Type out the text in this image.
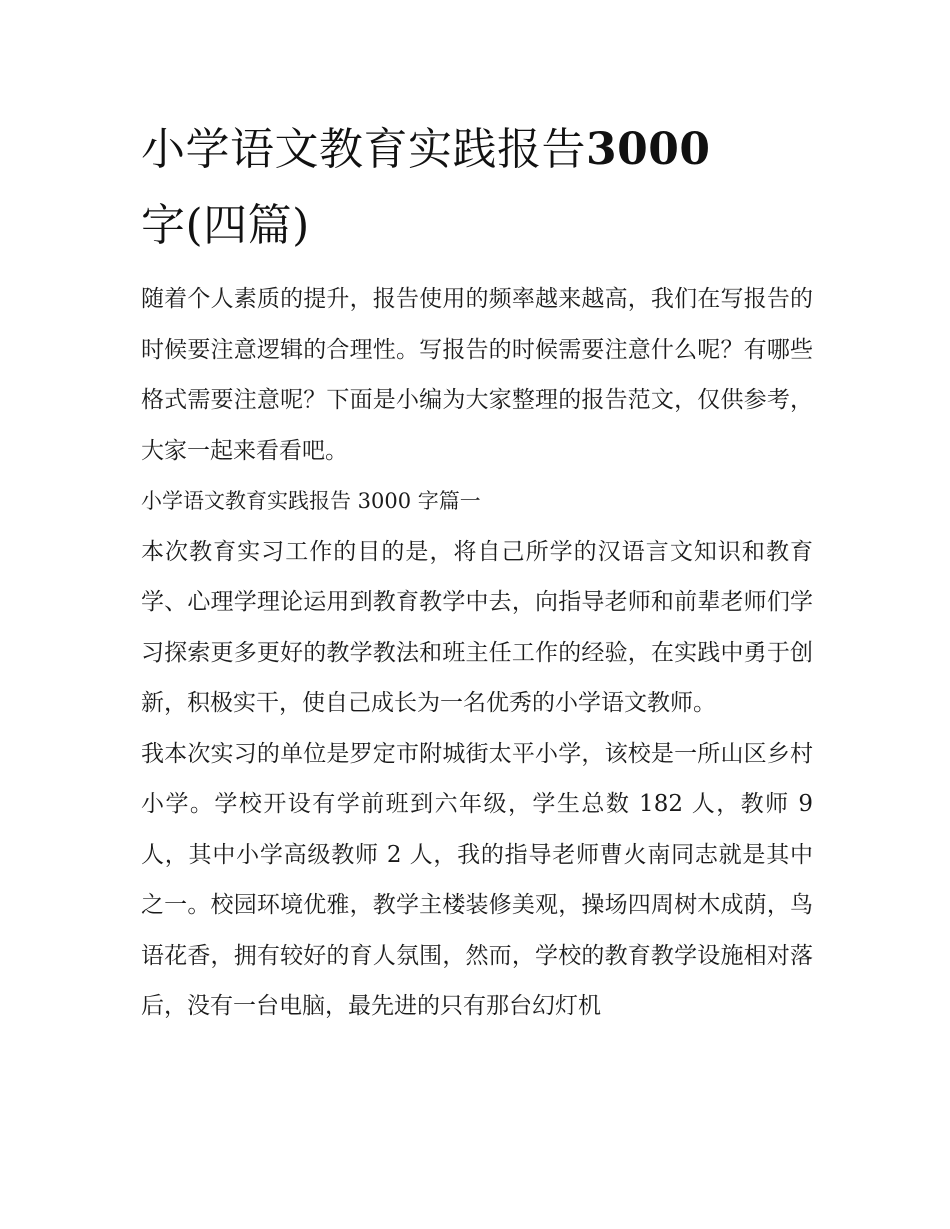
小学语文教育实践报告3000
字(四篇)

随着个人素质的提升，报告使用的频率越来越高，我们在写报告的时候要注意逻辑的合理性。写报告的时候需要注意什么呢？有哪些格式需要注意呢？下面是小编为大家整理的报告范文，仅供参考，大家一起来看看吧。

小学语文教育实践报告 3000 字篇一

本次教育实习工作的目的是，将自己所学的汉语言文知识和教育学、心理学理论运用到教育教学中去，向指导老师和前辈老师们学习探索更多更好的教学教法和班主任工作的经验，在实践中勇于创新，积极实干，使自己成长为一名优秀的小学语文教师。

我本次实习的单位是罗定市附城街太平小学，该校是一所山区乡村小学。学校开设有学前班到六年级，学生总数 182 人，教师 9 人，其中小学高级教师 2 人，我的指导老师曹火南同志就是其中之一。校园环境优雅，教学主楼装修美观，操场四周树木成荫，鸟语花香，拥有较好的育人氛围，然而，学校的教育教学设施相对落后，没有一台电脑，最先进的只有那台幻灯机
